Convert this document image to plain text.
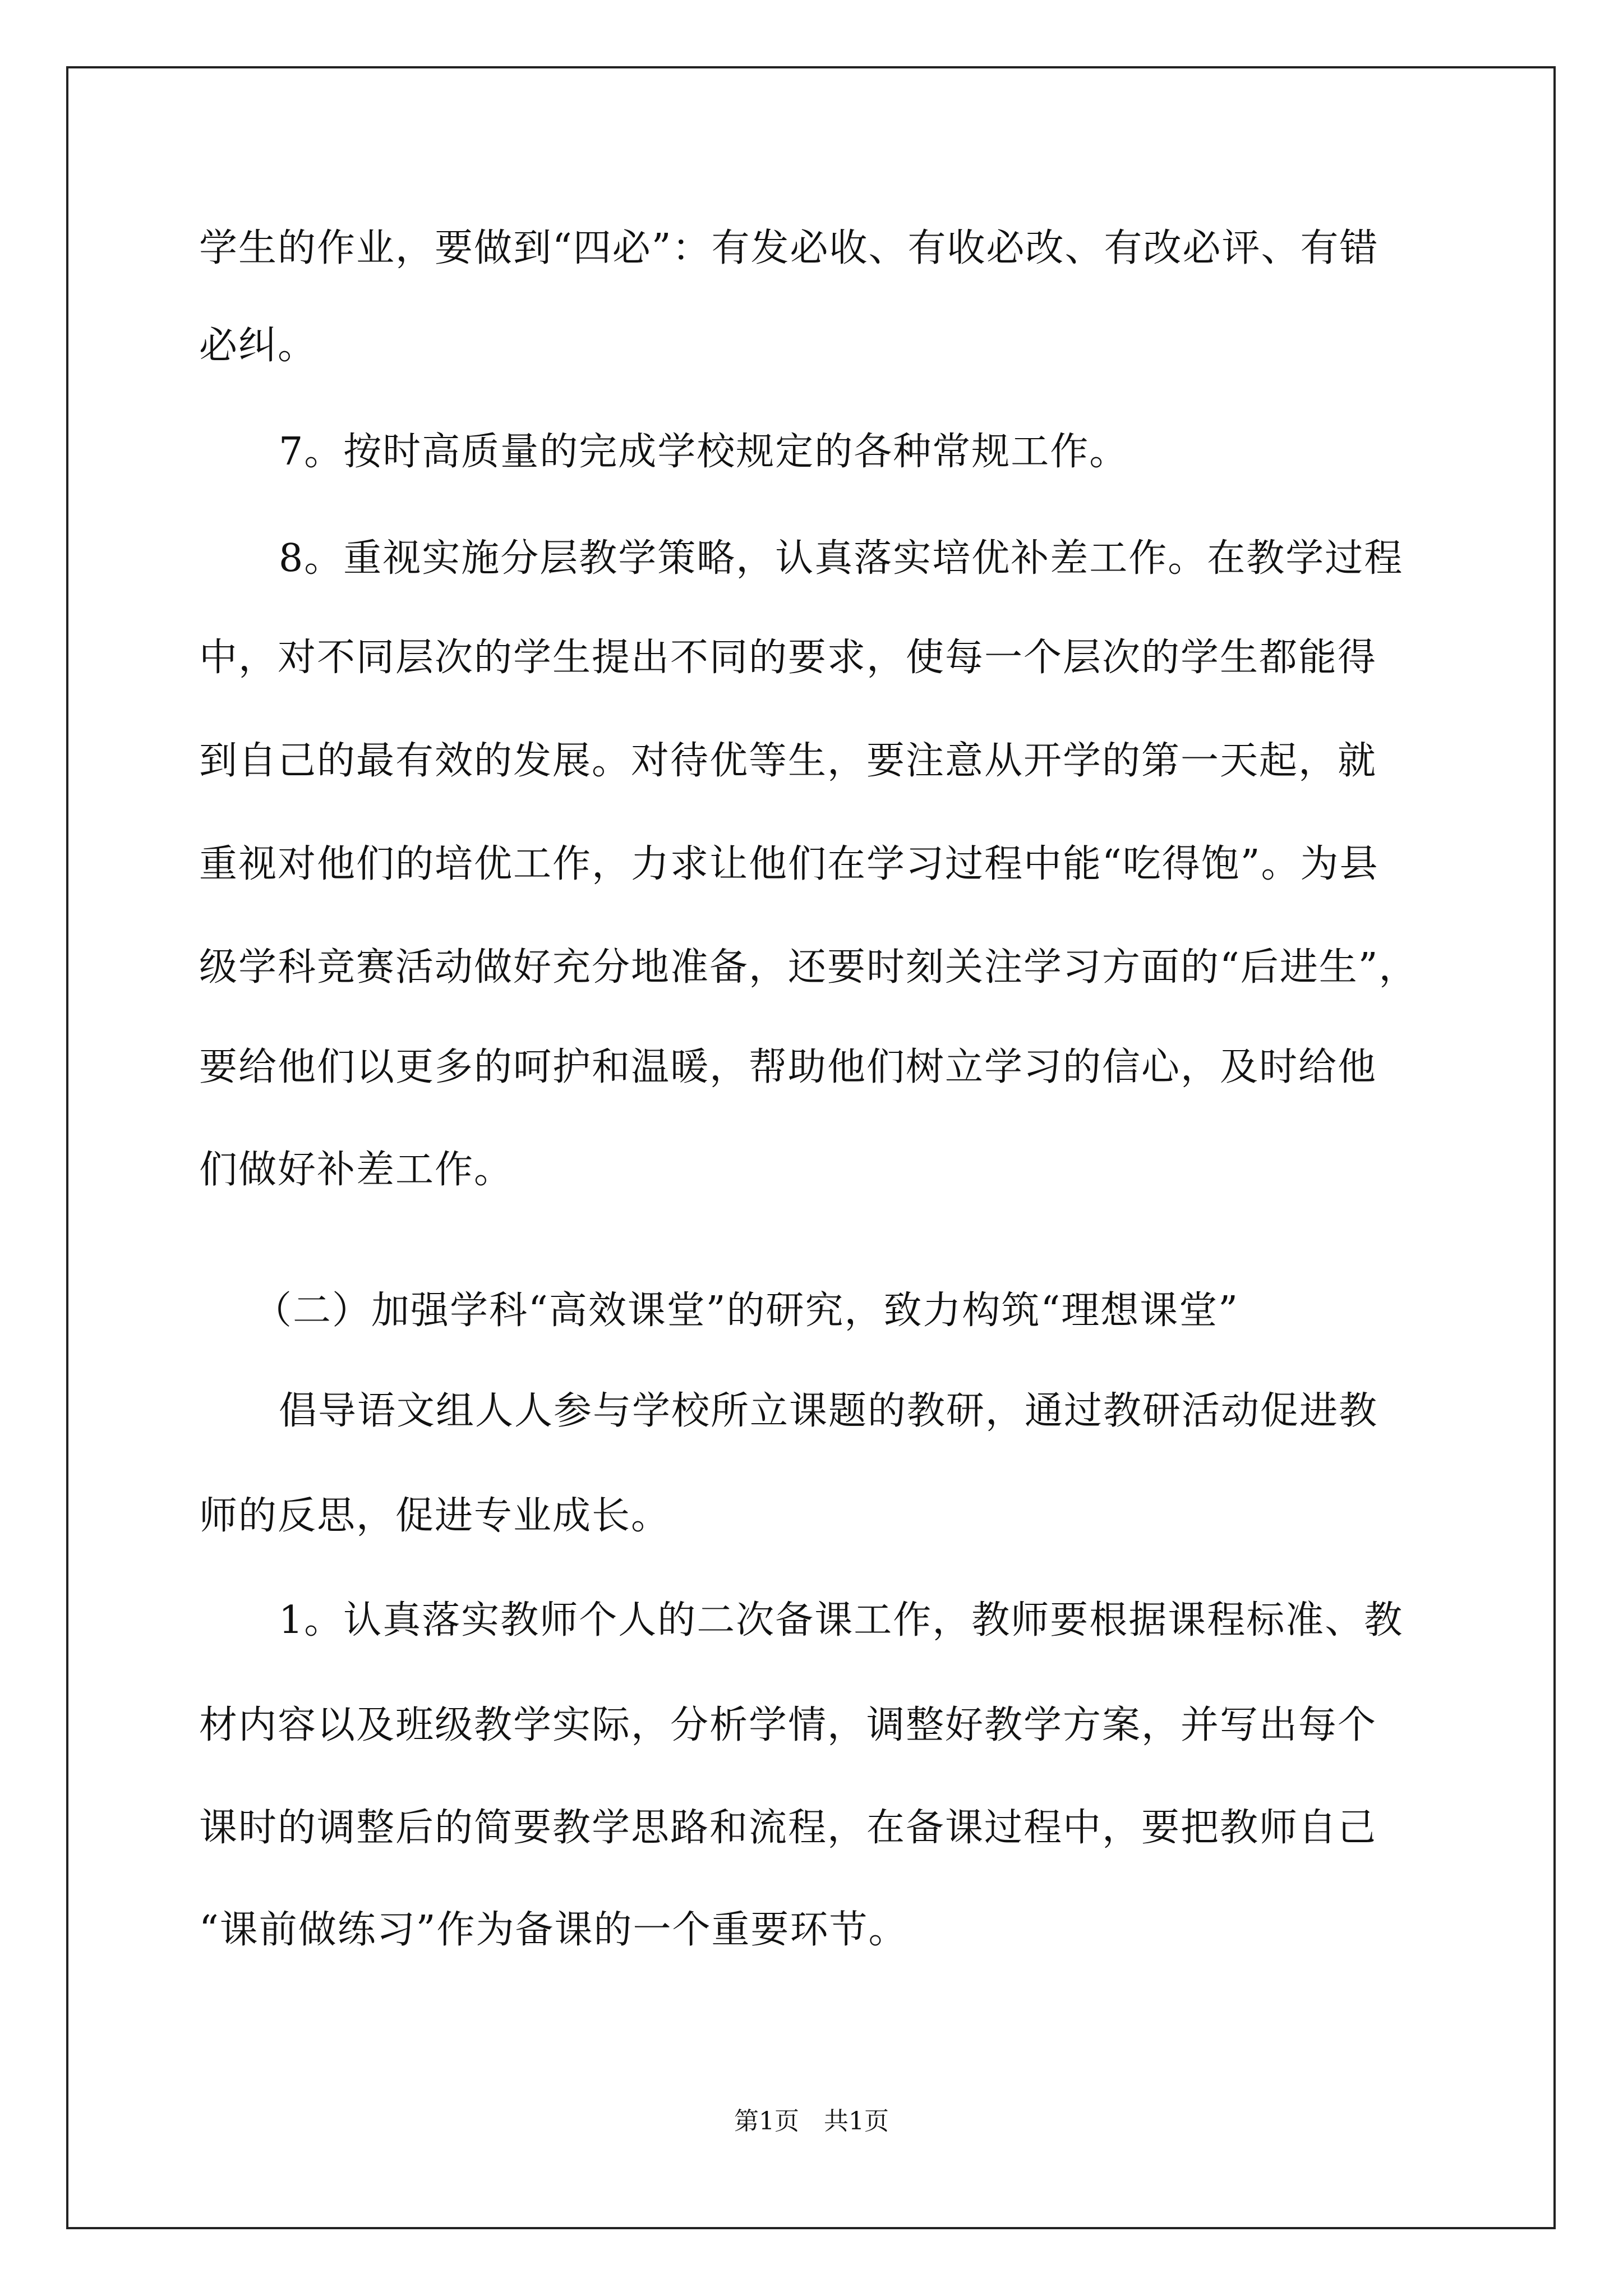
学生的作业，要做到“四必”：有发必收、有收必改、有改必评、有错
必纠。
7。按时高质量的完成学校规定的各种常规工作。
8。重视实施分层教学策略，认真落实培优补差工作。在教学过程
中，对不同层次的学生提出不同的要求，使每一个层次的学生都能得
到自己的最有效的发展。对待优等生，要注意从开学的第一天起，就
重视对他们的培优工作，力求让他们在学习过程中能“吃得饱”。为县
级学科竞赛活动做好充分地准备，还要时刻关注学习方面的“后进生”，
要给他们以更多的呵护和温暖，帮助他们树立学习的信心，及时给他
们做好补差工作。
（二）加强学科“高效课堂”的研究，致力构筑“理想课堂”
倡导语文组人人参与学校所立课题的教研，通过教研活动促进教
师的反思，促进专业成长。
1。认真落实教师个人的二次备课工作，教师要根据课程标准、教
材内容以及班级教学实际，分析学情，调整好教学方案，并写出每个
课时的调整后的简要教学思路和流程，在备课过程中，要把教师自己
“课前做练习”作为备课的一个重要环节。
第1页　共1页
